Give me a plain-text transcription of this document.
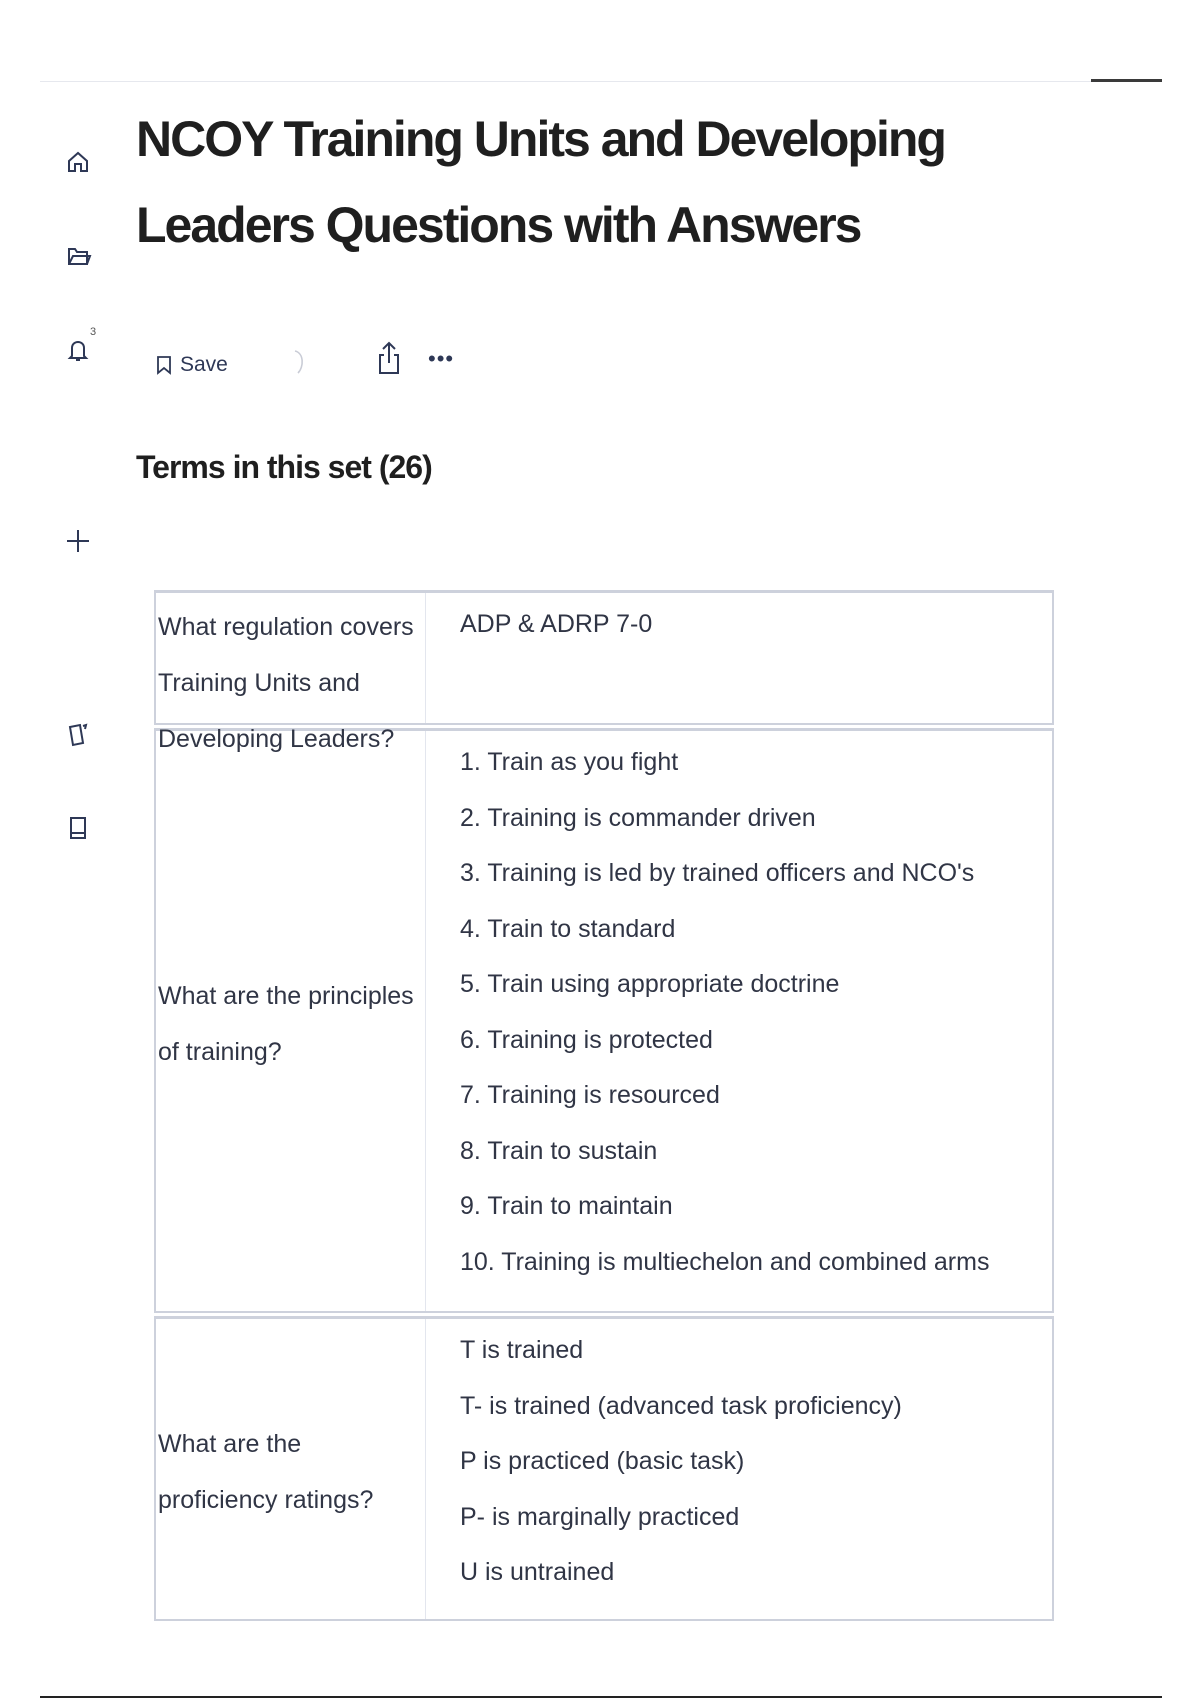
3
NCOY Training Units and Developing Leaders Questions with Answers
Save	•••
Terms in this set (26)
What regulation covers Training Units and
ADP & ADRP 7-0
What are the principles of training?
1. Train as you fight
2. Training is commander driven
3. Training is led by trained officers and NCO's
4. Train to standard
5. Train using appropriate doctrine
6. Training is protected
7. Training is resourced
8. Train to sustain
9. Train to maintain
10. Training is multiechelon and combined arms
What are the proficiency ratings?
T is trained
T- is trained (advanced task proficiency)
P is practiced (basic task)
P- is marginally practiced
U is untrained
